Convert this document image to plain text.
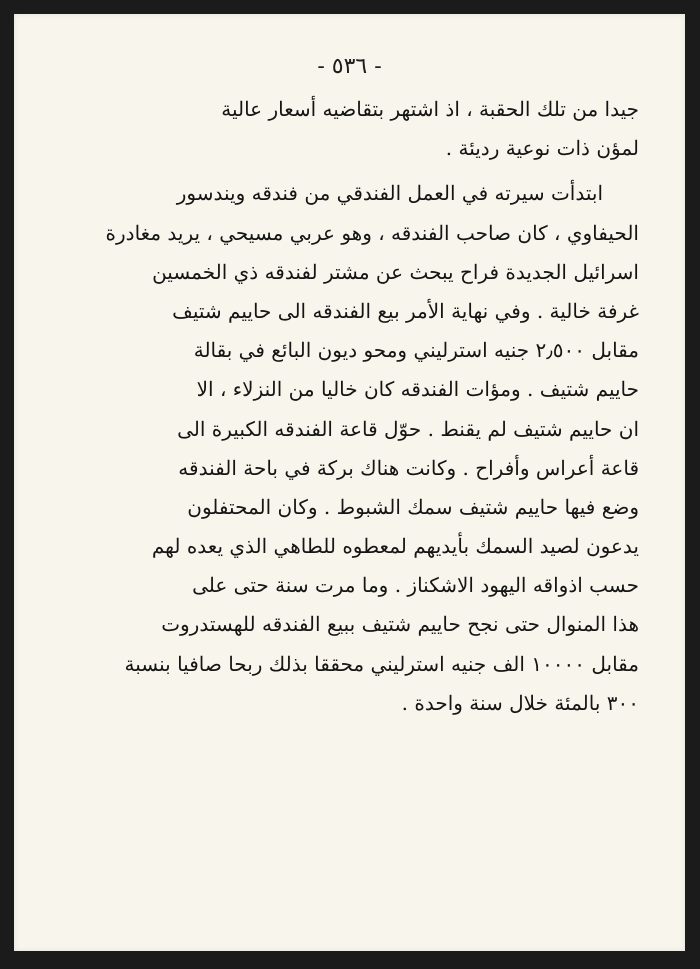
- ٥٣٦ -
جيدا من تلك الحقبة ، اذ اشتهر بتقاضيه أسعار عالية
لمؤن ذات نوعية رديئة .
ابتدأت سيرته في العمل الفندقي من فندقه ويندسور
الحيفاوي ، كان صاحب الفندقه ، وهو عربي مسيحي ، يريد مغادرة
اسرائيل الجديدة فراح يبحث عن مشتر لفندقه ذي الخمسين
غرفة خالية . وفي نهاية الأمر بيع الفندقه الى حاييم شتيف
مقابل ٢٫٥٠٠ جنيه استرليني ومحو ديون البائع في بقالة
حاييم شتيف . ومؤات الفندقه كان خاليا من النزلاء ، الا
ان حاييم شتيف لم يقنط . حوّل قاعة الفندقه الكبيرة الى
قاعة أعراس وأفراح . وكانت هناك بركة في باحة الفندقه
وضع فيها حاييم شتيف سمك الشبوط . وكان المحتفلون
يدعون لصيد السمك بأيديهم لمعطوه للطاهي الذي يعده لهم
حسب اذواقه اليهود الاشكناز . وما مرت سنة حتى على
هذا المنوال حتى نجح حاييم شتيف ببيع الفندقه للهستدروت
مقابل ١٠٠٠٠ الف جنيه استرليني محققا بذلك ربحا صافيا بنسبة
٣٠٠ بالمئة خلال سنة واحدة .
